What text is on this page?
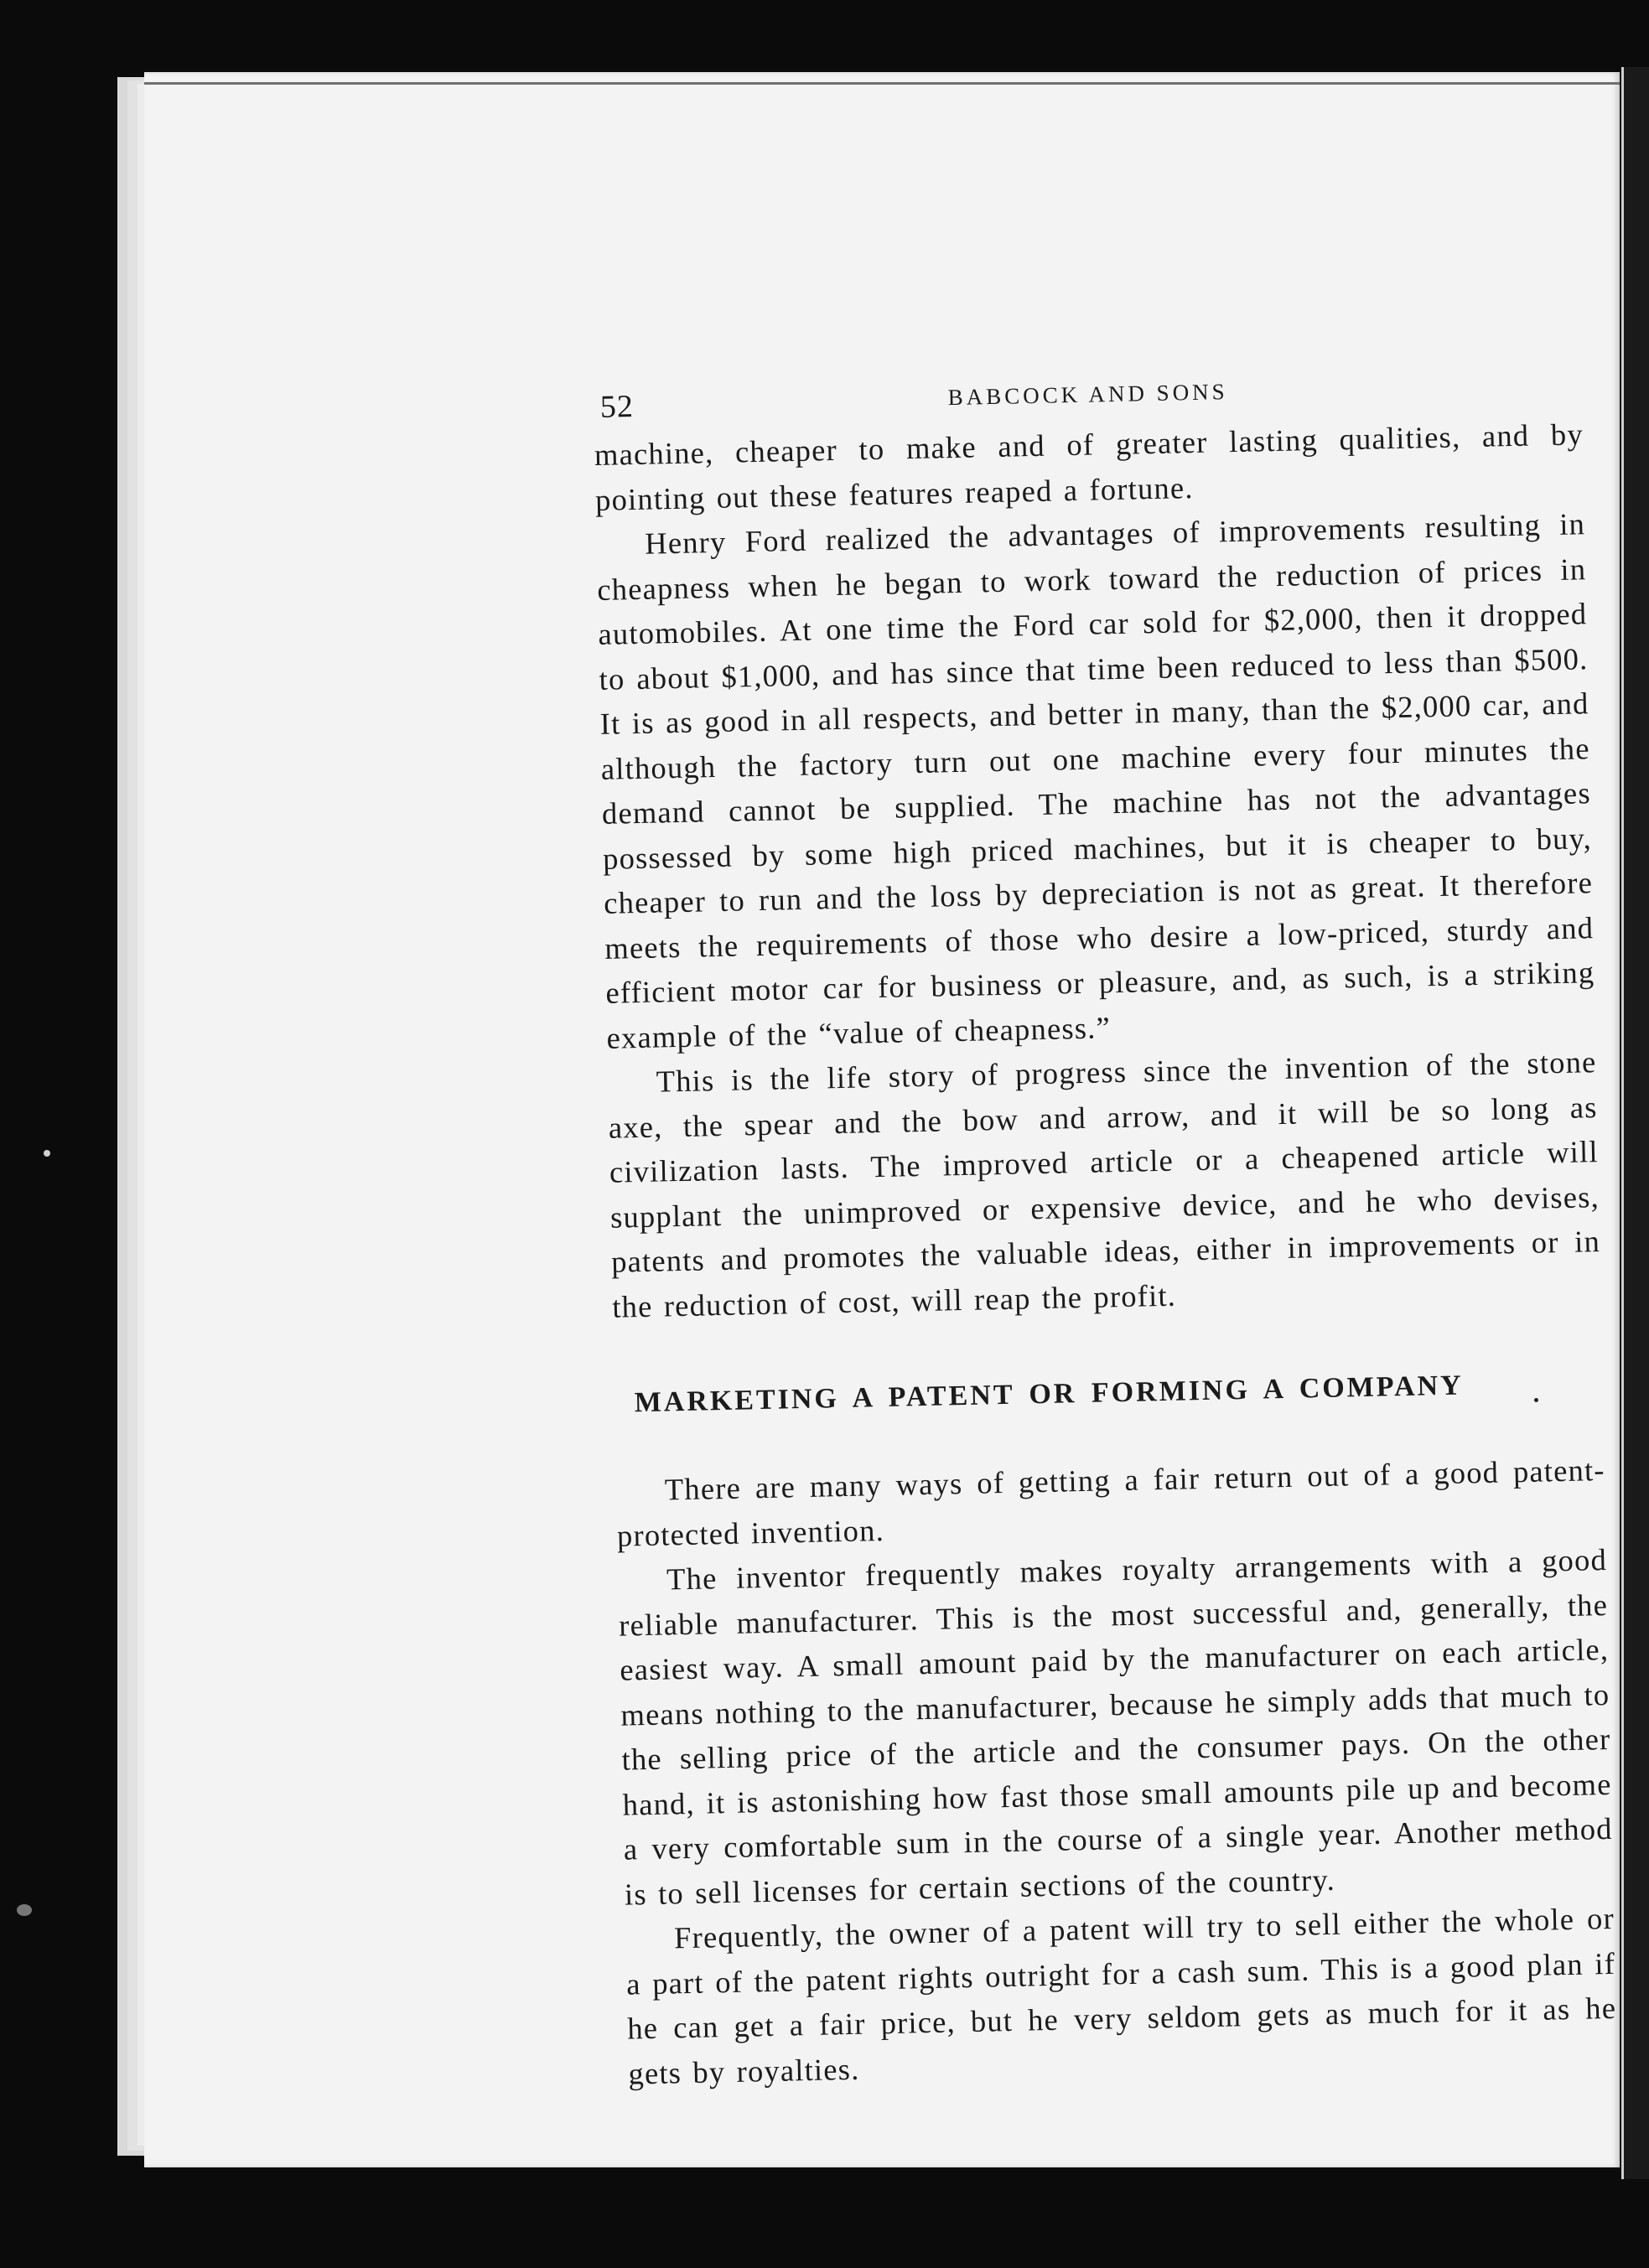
52	BABCOCK AND SONS

machine, cheaper to make and of greater lasting qualities, and by pointing out these features reaped a fortune.

Henry Ford realized the advantages of improvements resulting in cheapness when he began to work toward the reduction of prices in automobiles. At one time the Ford car sold for $2,000, then it dropped to about $1,000, and has since that time been reduced to less than $500. It is as good in all respects, and better in many, than the $2,000 car, and although the factory turn out one machine every four minutes the demand cannot be supplied. The machine has not the advantages possessed by some high priced machines, but it is cheaper to buy, cheaper to run and the loss by depreciation is not as great. It therefore meets the requirements of those who desire a low-priced, sturdy and efficient motor car for business or pleasure, and, as such, is a striking example of the “value of cheapness.”

This is the life story of progress since the invention of the stone axe, the spear and the bow and arrow, and it will be so long as civilization lasts. The improved article or a cheapened article will supplant the unimproved or expensive device, and he who devises, patents and promotes the valuable ideas, either in improvements or in the reduction of cost, will reap the profit.

MARKETING A PATENT OR FORMING A COMPANY

There are many ways of getting a fair return out of a good patent-protected invention.

The inventor frequently makes royalty arrangements with a good reliable manufacturer. This is the most successful and, generally, the easiest way. A small amount paid by the manufacturer on each article, means nothing to the manufacturer, because he simply adds that much to the selling price of the article and the consumer pays. On the other hand, it is astonishing how fast those small amounts pile up and become a very comfortable sum in the course of a single year. Another method is to sell licenses for certain sections of the country.

Frequently, the owner of a patent will try to sell either the whole or a part of the patent rights outright for a cash sum. This is a good plan if he can get a fair price, but he very seldom gets as much for it as he gets by royalties.
